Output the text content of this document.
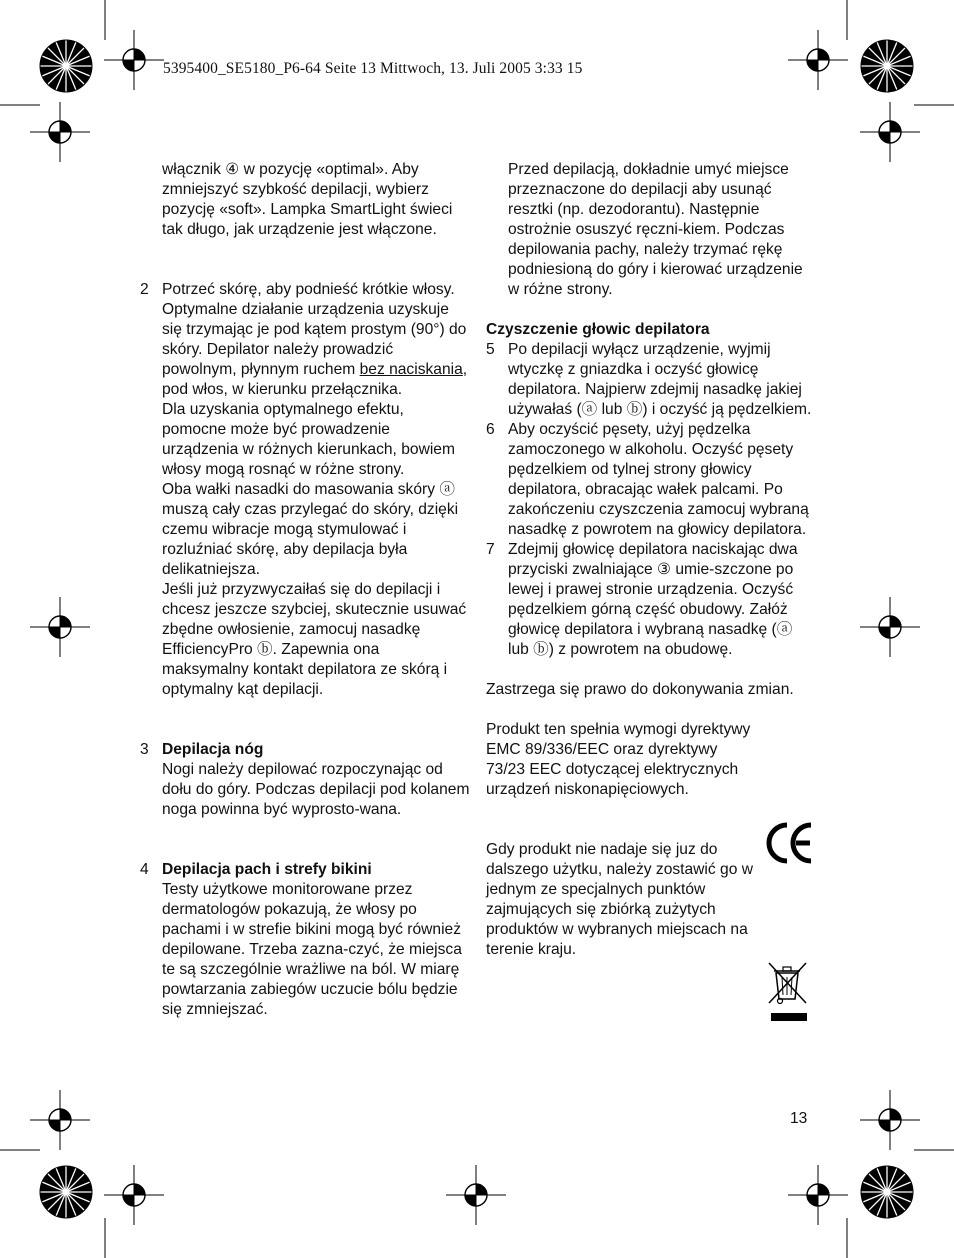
5395400_SE5180_P6-64 Seite 13 Mittwoch, 13. Juli 2005 3:33 15

włącznik ④ w pozycję «optimal». Aby zmniejszyć szybkość depilacji, wybierz pozycję «soft». Lampka SmartLight świeci tak długo, jak urządzenie jest włączone.

2 Potrzeć skórę, aby podnieść krótkie włosy. Optymalne działanie urządzenia uzyskuje się trzymając je pod kątem prostym (90°) do skóry. Depilator należy prowadzić powolnym, płynnym ruchem bez naciskania, pod włos, w kierunku przełącznika.

Dla uzyskania optymalnego efektu, pomocne może być prowadzenie urządzenia w różnych kierunkach, bowiem włosy mogą rosnąć w różne strony.

Oba wałki nasadki do masowania skóry ⓐ muszą cały czas przylegać do skóry, dzięki czemu wibracje mogą stymulować i rozluźniać skórę, aby depilacja była delikatniejsza.

Jeśli już przyzwyczaiłaś się do depilacji i chcesz jeszcze szybciej, skutecznie usuwać zbędne owłosienie, zamocuj nasadkę EfficiencyPro ⓑ. Zapewnia ona maksymalny kontakt depilatora ze skórą i optymalny kąt depilacji.

3 Depilacja nóg

Nogi należy depilować rozpoczynając od dołu do góry. Podczas depilacji pod kolanem noga powinna być wyprosto-wana.

4 Depilacja pach i strefy bikini

Testy użytkowe monitorowane przez dermatologów pokazują, że włosy po pachami i w strefie bikini mogą być również depilowane. Trzeba zazna-czyć, że miejsca te są szczególnie wrażliwe na ból. W miarę powtarzania zabiegów uczucie bólu będzie się zmniejszać.

Przed depilacją, dokładnie umyć miejsce przeznaczone do depilacji aby usunąć resztki (np. dezodorantu). Następnie ostrożnie osuszyć ręczni-kiem. Podczas depilowania pachy, należy trzymać rękę podniesioną do góry i kierować urządzenie w różne strony.

Czyszczenie głowic depilatora

5 Po depilacji wyłącz urządzenie, wyjmij wtyczkę z gniazdka i oczyść głowicę depilatora. Najpierw zdejmij nasadkę jakiej używałaś (ⓐ lub ⓑ) i oczyść ją pędzelkiem.

6 Aby oczyścić pęsety, użyj pędzelka zamoczonego w alkoholu. Oczyść pęsety pędzelkiem od tylnej strony głowicy depilatora, obracając wałek palcami. Po zakończeniu czyszczenia zamocuj wybraną nasadkę z powrotem na głowicy depilatora.

7 Zdejmij głowicę depilatora naciskając dwa przyciski zwalniające ③ umie-szczone po lewej i prawej stronie urządzenia. Oczyść pędzelkiem górną część obudowy. Załóż głowicę depilatora i wybraną nasadkę (ⓐ lub ⓑ) z powrotem na obudowę.

Zastrzega się prawo do dokonywania zmian.

Produkt ten spełnia wymogi dyrektywy EMC 89/336/EEC oraz dyrektywy 73/23 EEC dotyczącej elektrycznych urządzeń niskonapięciowych.

Gdy produkt nie nadaje się juz do dalszego użytku, należy zostawić go w jednym ze specjalnych punktów zajmujących się zbiórką zużytych produktów w wybranych miejscach na terenie kraju.

13
